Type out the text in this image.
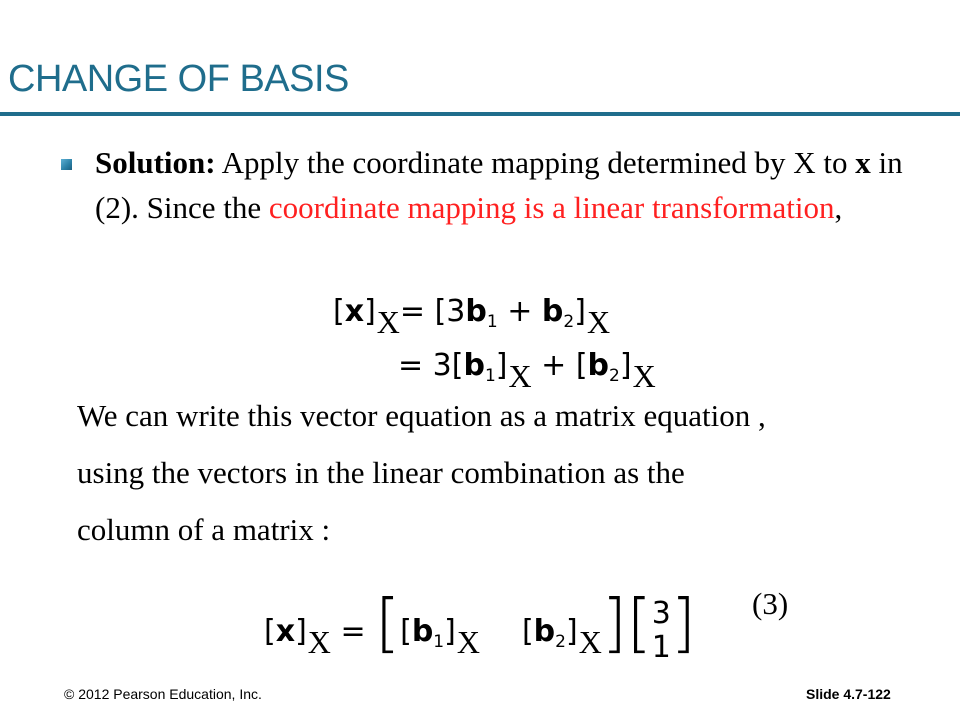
CHANGE OF BASIS
Solution: Apply the coordinate mapping determined by X to x in (2). Since the coordinate mapping is a linear transformation,
$[x]X= [3b_1 + b_2]X$
= $3[b_1]X + [b_2]X$
We can write this vector equation as a matrix equation ,
using the vectors in the linear combination as the
column of a matrix :
$[x]X = [[b_1]X$ $[b_2]X$][ 3
1 ] (3)
© 2012 Pearson Education, Inc.	Slide 4.7-122
